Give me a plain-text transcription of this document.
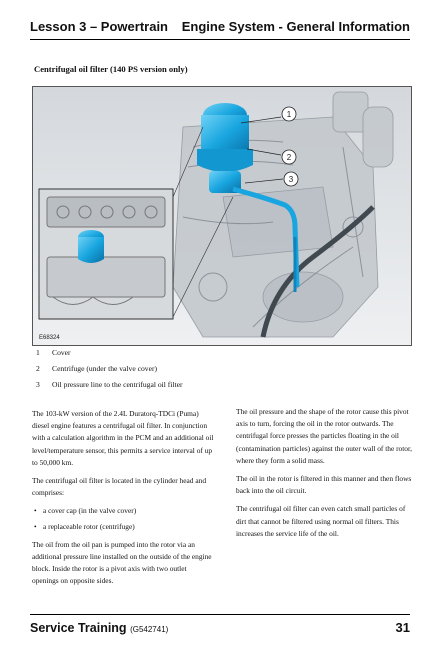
Lesson 3 – Powertrain Engine System - General Information
Centrifugal oil filter (140 PS version only)
1
2
3
E68324
1	Cover
2	Centrifuge (under the valve cover)
3	Oil pressure line to the centrifugal oil filter

The 103-kW version of the 2.4L Duratorq-TDCi (Puma) diesel engine features a centrifugal oil filter. In conjunction with a calculation algorithm in the PCM and an additional oil level/temperature sensor, this permits a service interval of up to 50,000 km.

The centrifugal oil filter is located in the cylinder head and comprises:

• a cover cap (in the valve cover)
• a replaceable rotor (centrifuge)

The oil from the oil pan is pumped into the rotor via an additional pressure line installed on the outside of the engine block. Inside the rotor is a pivot axis with two outlet openings on opposite sides.

The oil pressure and the shape of the rotor cause this pivot axis to turn, forcing the oil in the rotor outwards. The centrifugal force presses the particles floating in the oil (contamination particles) against the outer wall of the rotor, where they form a solid mass.

The oil in the rotor is filtered in this manner and then flows back into the oil circuit.

The centrifugal oil filter can even catch small particles of dirt that cannot be filtered using normal oil filters. This increases the service life of the oil.

Service Training (G542741)	31
